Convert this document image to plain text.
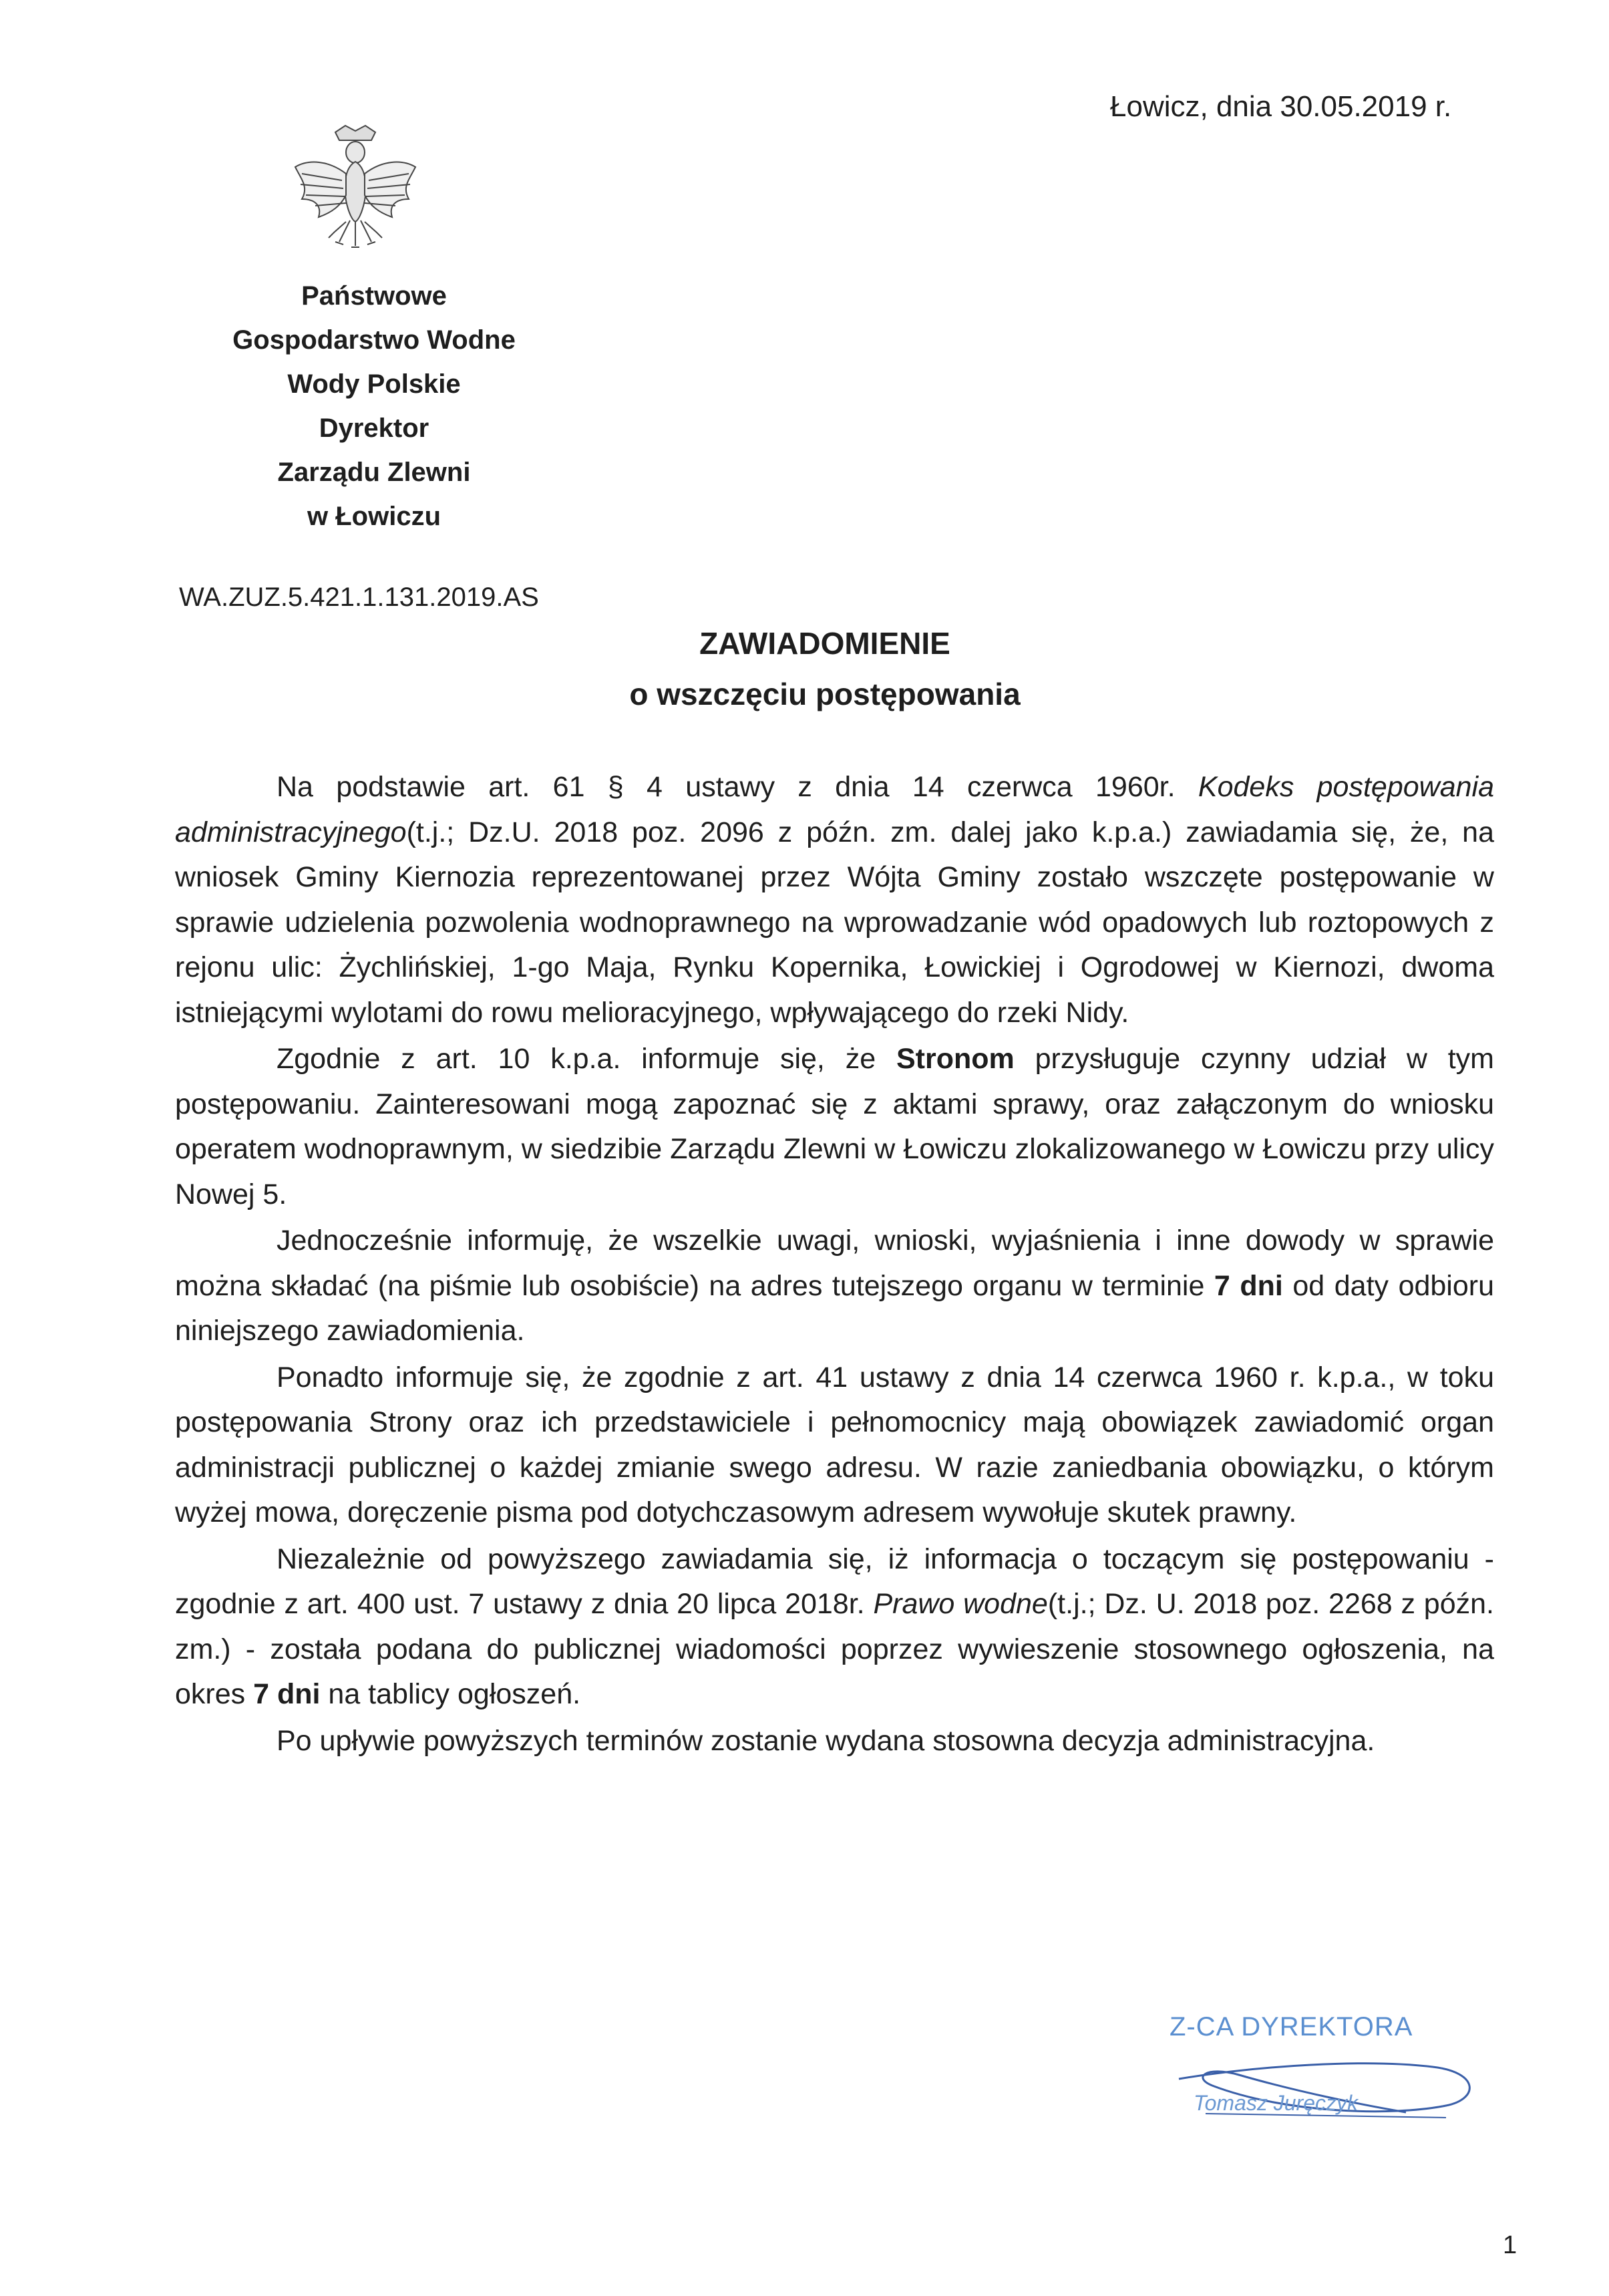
Łowicz, dnia 30.05.2019 r.
Państwowe
Gospodarstwo Wodne
Wody Polskie
Dyrektor
Zarządu Zlewni
w Łowiczu
WA.ZUZ.5.421.1.131.2019.AS
ZAWIADOMIENIE
o wszczęciu postępowania

Na podstawie art. 61 § 4 ustawy z dnia 14 czerwca 1960r. Kodeks postępowania administracyjnego(t.j.; Dz.U. 2018 poz. 2096 z późn. zm. dalej jako k.p.a.) zawiadamia się, że, na wniosek Gminy Kiernozia reprezentowanej przez Wójta Gminy zostało wszczęte postępowanie w sprawie udzielenia pozwolenia wodnoprawnego na wprowadzanie wód opadowych lub roztopowych z rejonu ulic: Żychlińskiej, 1-go Maja, Rynku Kopernika, Łowickiej i Ogrodowej w Kiernozi, dwoma istniejącymi wylotami do rowu melioracyjnego, wpływającego do rzeki Nidy.

Zgodnie z art. 10 k.p.a. informuje się, że Stronom przysługuje czynny udział w tym postępowaniu. Zainteresowani mogą zapoznać się z aktami sprawy, oraz załączonym do wniosku operatem wodnoprawnym, w siedzibie Zarządu Zlewni w Łowiczu zlokalizowanego w Łowiczu przy ulicy Nowej 5.

Jednocześnie informuję, że wszelkie uwagi, wnioski, wyjaśnienia i inne dowody w sprawie można składać (na piśmie lub osobiście) na adres tutejszego organu w terminie 7 dni od daty odbioru niniejszego zawiadomienia.

Ponadto informuje się, że zgodnie z art. 41 ustawy z dnia 14 czerwca 1960 r. k.p.a., w toku postępowania Strony oraz ich przedstawiciele i pełnomocnicy mają obowiązek zawiadomić organ administracji publicznej o każdej zmianie swego adresu. W razie zaniedbania obowiązku, o którym wyżej mowa, doręczenie pisma pod dotychczasowym adresem wywołuje skutek prawny.

Niezależnie od powyższego zawiadamia się, iż informacja o toczącym się postępowaniu - zgodnie z art. 400 ust. 7 ustawy z dnia 20 lipca 2018r. Prawo wodne(t.j.; Dz. U. 2018 poz. 2268 z późn. zm.) - została podana do publicznej wiadomości poprzez wywieszenie stosownego ogłoszenia, na okres 7 dni na tablicy ogłoszeń.

Po upływie powyższych terminów zostanie wydana stosowna decyzja administracyjna.

Z-CA DYREKTORA
Tomasz Juręczyk
1
